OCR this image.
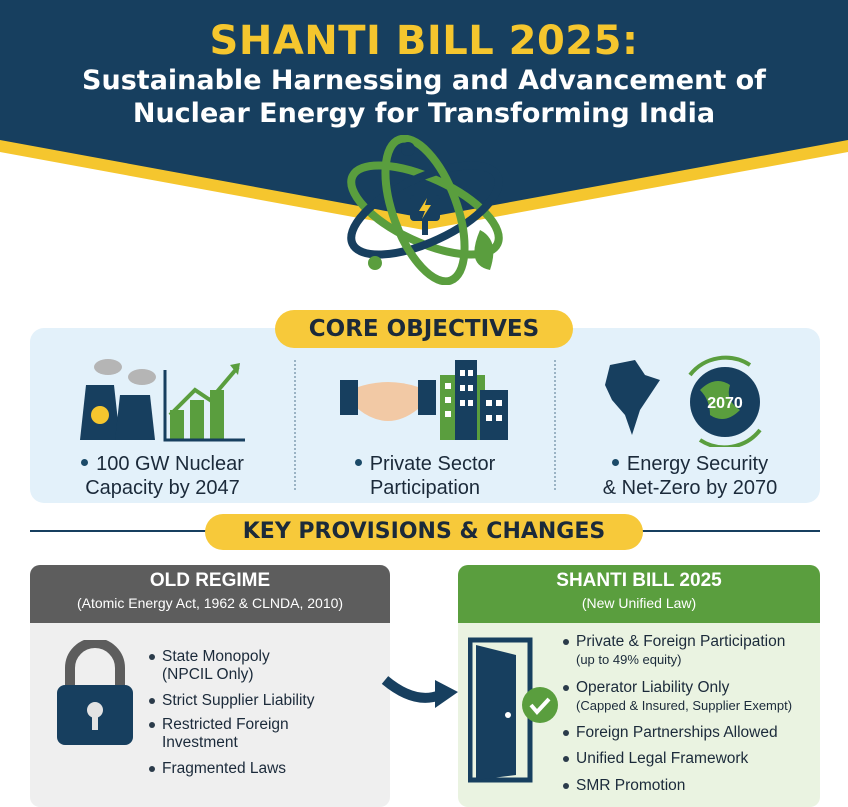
SHANTI BILL 2025:
Sustainable Harnessing and Advancement of
Nuclear Energy for Transforming India
CORE OBJECTIVES
100 GW Nuclear
Capacity by 2047
Private Sector
Participation
2070
Energy Security
& Net-Zero by 2070
KEY PROVISIONS & CHANGES
OLD REGIME
(Atomic Energy Act, 1962 & CLNDA, 2010)
State Monopoly
(NPCIL Only)
Strict Supplier Liability
Restricted Foreign
Investment
Fragmented Laws
SHANTI BILL 2025
(New Unified Law)
Private & Foreign Participation
(up to 49% equity)
Operator Liability Only
(Capped & Insured, Supplier Exempt)
Foreign Partnerships Allowed
Unified Legal Framework
SMR Promotion
